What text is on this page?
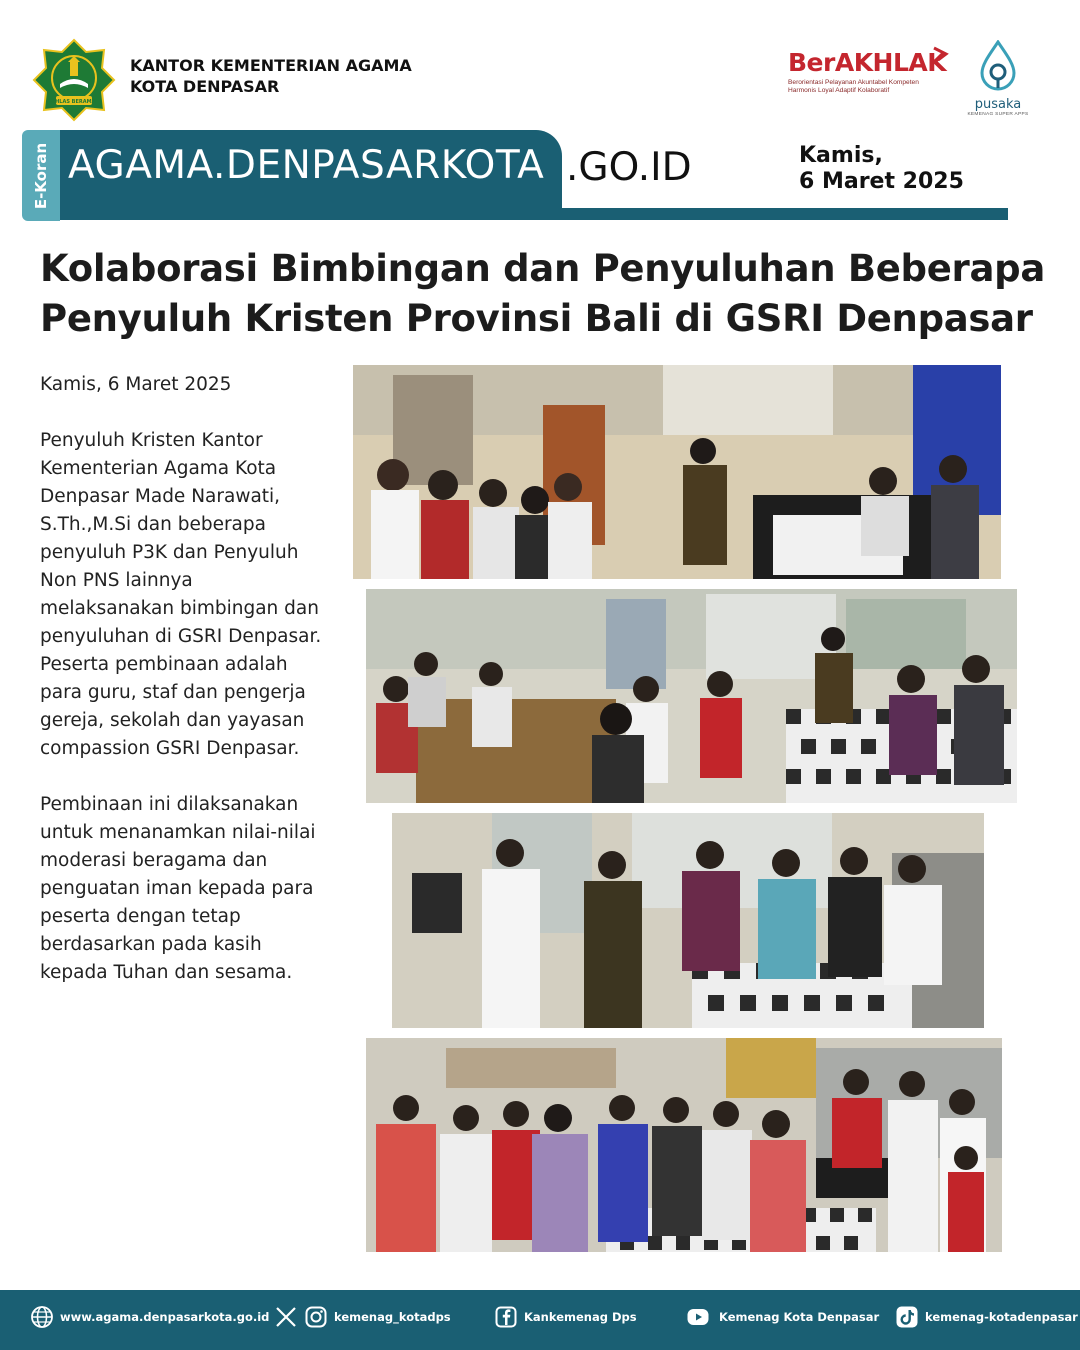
IKHLAS BERAMAL
KANTOR KEMENTERIAN AGAMA
KOTA DENPASAR
BerAKHLAK
Berorientasi Pelayanan Akuntabel Kompeten
Harmonis Loyal Adaptif Kolaboratif
pusaka
KEMENAG SUPER APPS
E-Koran AGAMA.DENPASARKOTA .GO.ID	Kamis,
6 Maret 2025
Kolaborasi Bimbingan dan Penyuluhan Beberapa Penyuluh Kristen Provinsi Bali di GSRI Denpasar

Kamis, 6 Maret 2025

Penyuluh Kristen Kantor Kementerian Agama Kota Denpasar Made Narawati, S.Th.,M.Si dan beberapa penyuluh P3K dan Penyuluh Non PNS lainnya melaksanakan bimbingan dan penyuluhan di GSRI Denpasar. Peserta pembinaan adalah para guru, staf dan pengerja gereja, sekolah dan yayasan compassion GSRI Denpasar.

Pembinaan ini dilaksanakan untuk menanamkan nilai-nilai moderasi beragama dan penguatan iman kepada para peserta dengan tetap berdasarkan pada kasih kepada Tuhan dan sesama.

www.agama.denpasarkota.go.id	kemenag_kotadps	Kankemenag Dps	Kemenag Kota Denpasar	kemenag-kotadenpasar
